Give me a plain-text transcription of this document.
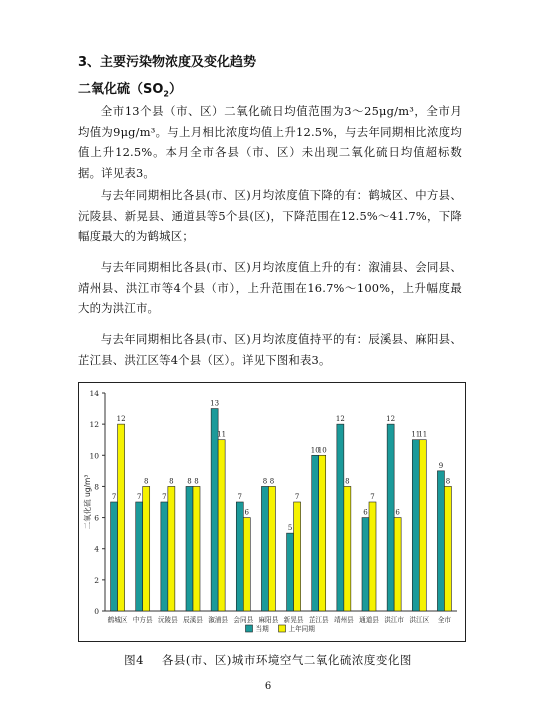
3、主要污染物浓度及变化趋势
二氧化硫$(SO_2)$
全市13个县（市、区）二氧化硫日均值范围为3～25μg/m³，全市月均值为9μg/m³。与上月相比浓度均值上升12.5%，与去年同期相比浓度均值上升12.5%。本月全市各县（市、区）未出现二氧化硫日均值超标数据。详见表3。
与去年同期相比各县(市、区)月均浓度值下降的有：鹤城区、中方县、沅陵县、新晃县、通道县等5个县(区)，下降范围在12.5%～41.7%，下降幅度最大的为鹤城区；
与去年同期相比各县(市、区)月均浓度值上升的有：溆浦县、会同县、靖州县、洪江市等4个县（市），上升范围在16.7%～100%，上升幅度最大的为洪江市。
与去年同期相比各县(市、区)月均浓度值持平的有：辰溪县、麻阳县、芷江县、洪江区等4个县（区）。详见下图和表3。
0
2
4
6
8
10
12
14
二氧化硫 ug/m³	7
12
鹤城区
7
8
中方县
7
8
沅陵县
8 8
辰溪县
13
11
溆浦县
7
6
会同县
8 8
麻阳县
5
7
新晃县
10
10
芷江县
12
8
靖州县
6
7
通道县
12
6
洪江市
11
11
洪江区
9
8
全市
当期	上年同期
图4 各县(市、区)城市环境空气二氧化硫浓度变化图
6
